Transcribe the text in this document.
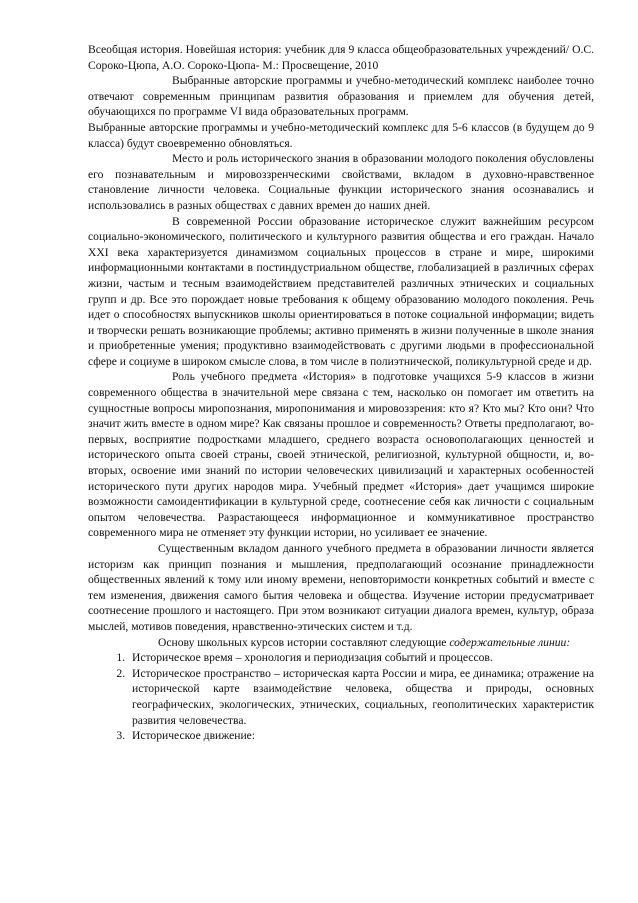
Всеобщая история. Новейшая история: учебник для 9 класса общеобразовательных учреждений/ О.С. Сороко-Цюпа, А.О. Сороко-Цюпа- М.: Просвещение, 2010

Выбранные авторские программы и учебно-методический комплекс наиболее точно отвечают современным принципам развития образования и приемлем для обучения детей, обучающихся по программе VI вида образовательных программ.

Выбранные авторские программы и учебно-методический комплекс для 5-6 классов (в будущем до 9 класса) будут своевременно обновляться.

Место и роль исторического знания в образовании молодого поколения обусловлены его познавательным и мировоззренческими свойствами, вкладом в духовно-нравственное становление личности человека. Социальные функции исторического знания осознавались и использовались в разных обществах с давних времен до наших дней.

В современной России образование историческое служит важнейшим ресурсом социально-экономического, политического и культурного развития общества и его граждан. Начало XXI века характеризуется динамизмом социальных процессов в стране и мире, широкими информационными контактами в постиндустриальном обществе, глобализацией в различных сферах жизни, частым и тесным взаимодействием представителей различных этнических и социальных групп и др. Все это порождает новые требования к общему образованию молодого поколения. Речь идет о способностях выпускников школы ориентироваться в потоке социальной информации; видеть и творчески решать возникающие проблемы; активно применять в жизни полученные в школе знания и приобретенные умения; продуктивно взаимодействовать с другими людьми в профессиональной сфере и социуме в широком смысле слова, в том числе в полиэтнической, поликультурной среде и др.

Роль учебного предмета «История» в подготовке учащихся 5-9 классов в жизни современного общества в значительной мере связана с тем, насколько он помогает им ответить на сущностные вопросы миропознания, миропонимания и мировоззрения: кто я? Кто мы? Кто они? Что значит жить вместе в одном мире? Как связаны прошлое и современность? Ответы предполагают, во-первых, восприятие подростками младшего, среднего возраста основополагающих ценностей и исторического опыта своей страны, своей этнической, религиозной, культурной общности, и, во-вторых, освоение ими знаний по истории человеческих цивилизаций и характерных особенностей исторического пути других народов мира. Учебный предмет «История» дает учащимся широкие возможности самоидентификации в культурной среде, соотнесение себя как личности с социальным опытом человечества. Разрастающееся информационное и коммуникативное пространство современного мира не отменяет эту функции истории, но усиливает ее значение.

Существенным вкладом данного учебного предмета в образовании личности является историзм как принцип познания и мышления, предполагающий осознание принадлежности общественных явлений к тому или иному времени, неповторимости конкретных событий и вместе с тем изменения, движения самого бытия человека и общества. Изучение истории предусматривает соотнесение прошлого и настоящего. При этом возникают ситуации диалога времен, культур, образа мыслей, мотивов поведения, нравственно-этических систем и т.д.

Основу школьных курсов истории составляют следующие содержательные линии:

1. Историческое время – хронология и периодизация событий и процессов.
2. Историческое пространство – историческая карта России и мира, ее динамика; отражение на исторической карте взаимодействие человека, общества и природы, основных географических, экологических, этнических, социальных, геополитических характеристик развития человечества.
3. Историческое движение:
